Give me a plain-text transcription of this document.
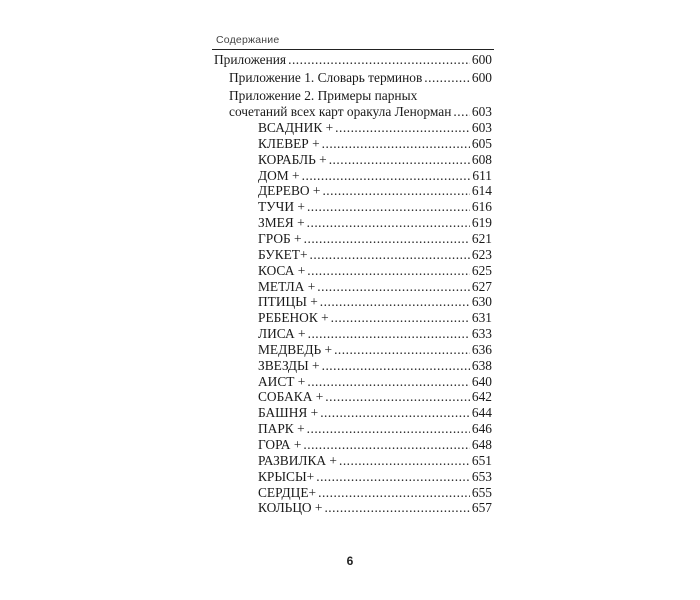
Содержание
Приложения .....	600
Приложение 1. Словарь терминов .....	600
Приложение 2. Примеры парных
сочетаний всех карт оракула Ленорман ..... 603
ВСАДНИК + .....	603
КЛЕВЕР + .....	605
КОРАБЛЬ + .....	608
ДОМ + .....	611
ДЕРЕВО + .....	614
ТУЧИ + .....	616
ЗМЕЯ + .....	619
ГРОБ + .....	621
БУКЕТ+ .....	623
КОСА + .....	625
МЕТЛА + .....	627
ПТИЦЫ + .....	630
РЕБЕНОК + .....	631
ЛИСА + .....	633
МЕДВЕДЬ + .....	636
ЗВЕЗДЫ + .....	638
АИСТ + .....	640
СОБАКА + .....	642
БАШНЯ + .....	644
ПАРК + .....	646
ГОРА + .....	648
РАЗВИЛКА + .....	651
КРЫСЫ+ .....	653
СЕРДЦЕ+ .....	655
КОЛЬЦО + .....	657
6
